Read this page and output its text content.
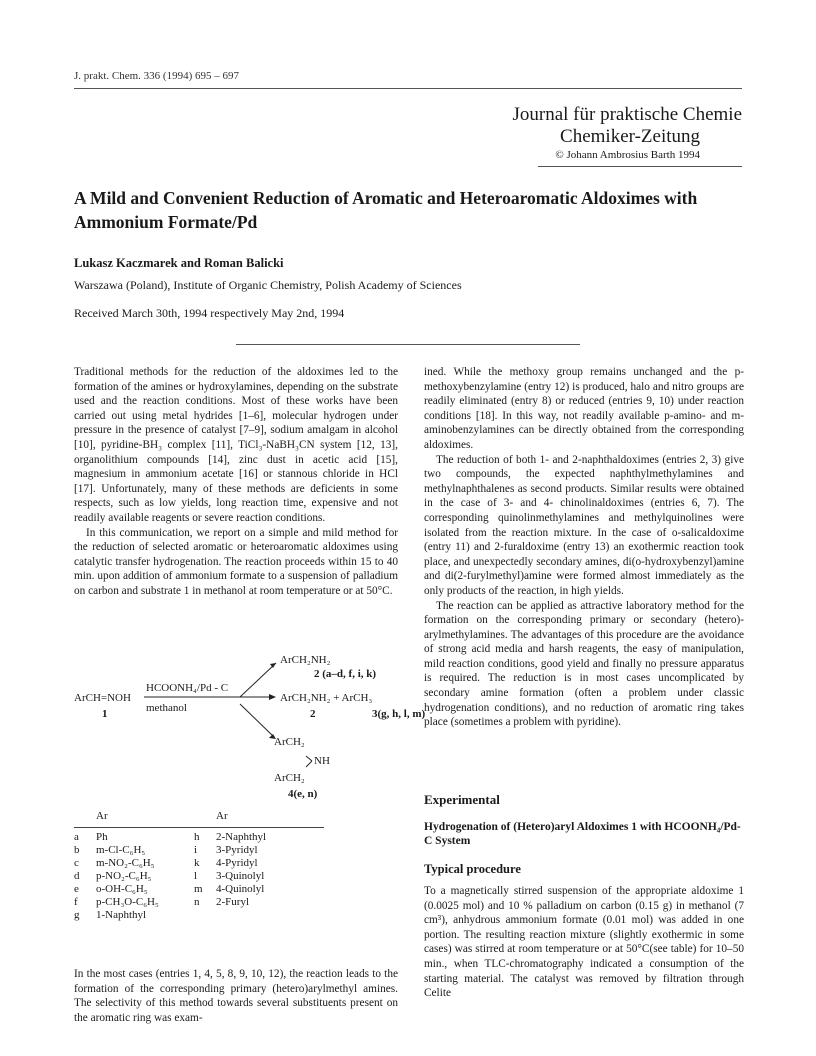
J. prakt. Chem. 336 (1994) 695 – 697
Journal für praktische Chemie
Chemiker-Zeitung
© Johann Ambrosius Barth 1994
A Mild and Convenient Reduction of Aromatic and Heteroaromatic Aldoximes with Ammonium Formate/Pd
Lukasz Kaczmarek and Roman Balicki
Warszawa (Poland), Institute of Organic Chemistry, Polish Academy of Sciences
Received March 30th, 1994 respectively May 2nd, 1994

Traditional methods for the reduction of the aldoximes led to the formation of the amines or hydroxylamines, depending on the substrate used and the reaction conditions. Most of these works have been carried out using metal hydrides [1–6], molecular hydrogen under pressure in the presence of catalyst [7–9], sodium amalgam in alcohol [10], pyridine-BH₃ complex [11], TiCl₃-NaBH₃CN system [12, 13], organolithium compounds [14], zinc dust in acetic acid [15], magnesium in ammonium acetate [16] or stannous chloride in HCl [17]. Unfortunately, many of these methods are deficients in some respects, such as low yields, long reaction time, expensive and not readily available reagents or severe reaction conditions.

In this communication, we report on a simple and mild method for the reduction of selected aromatic or heteroaromatic aldoximes using catalytic transfer hydrogenation. The reaction proceeds within 15 to 40 min. upon addition of ammonium formate to a suspension of palladium on carbon and substrate 1 in methanol at room temperature or at 50°C.

ArCH=NOH
1
HCOONH₄/Pd - C
methanol
ArCH₂NH₂
2 (a–d, f, i, k)
ArCH₂NH₂ + ArCH₃
2	3(g, h, l, m)
ArCH₂
NH
ArCH₂
4(e, n)
Ar	Ar
a Ph	h 2-Naphthyl
b m-Cl-C₆H₅	i 3-Pyridyl
c m-NO₂-C₆H₅	k 4-Pyridyl
d p-NO₂-C₆H₅	l 3-Quinolyl
e o-OH-C₆H₅	m 4-Quinolyl
f p-CH₃O-C₆H₅	n 2-Furyl
g 1-Naphthyl

In the most cases (entries 1, 4, 5, 8, 9, 10, 12), the reaction leads to the formation of the corresponding primary (hetero)arylmethyl amines. The selectivity of this method towards several substituents present on the aromatic ring was exam-

ined. While the methoxy group remains unchanged and the p-methoxybenzylamine (entry 12) is produced, halo and nitro groups are readily eliminated (entry 8) or reduced (entries 9, 10) under reaction conditions [18]. In this way, not readily available p-amino- and m-aminobenzylamines can be directly obtained from the corresponding aldoximes.

The reduction of both 1- and 2-naphthaldoximes (entries 2, 3) give two compounds, the expected naphthylmethylamines and methylnaphthalenes as second products. Similar results were obtained in the case of 3- and 4- chinolinaldoximes (entries 6, 7). The corresponding quinolinmethylamines and methylquinolines were isolated from the reaction mixture. In the case of o-salicaldoxime (entry 11) and 2-furaldoxime (entry 13) an exothermic reaction took place, and unexpectedly secondary amines, di(o-hydroxybenzyl)amine and di(2-furylmethyl)amine were formed almost immediately as the only products of the reaction, in high yields.

The reaction can be applied as attractive laboratory method for the formation on the corresponding primary or secondary (hetero)-arylmethylamines. The advantages of this procedure are the avoidance of strong acid media and harsh reagents, the easy of manipulation, mild reaction conditions, good yield and finally no pressure apparatus is required. The reduction is in most cases uncomplicated by secondary amine formation (often a problem under classic hydrogenation conditions), and no reduction of aromatic ring takes place (sometimes a problem with pyridine).

Experimental
Hydrogenation of (Hetero)aryl Aldoximes 1 with HCOONH₄/Pd-C System
Typical procedure

To a magnetically stirred suspension of the appropriate aldoxime 1 (0.0025 mol) and 10 % palladium on carbon (0.15 g) in methanol (7 cm³), anhydrous ammonium formate (0.01 mol) was added in one portion. The resulting reaction mixture (slightly exothermic in some cases) was stirred at room temperature or at 50°C(see table) for 10–50 min., when TLC-chromatography indicated a consumption of the starting material. The catalyst was removed by filtration through Celite
